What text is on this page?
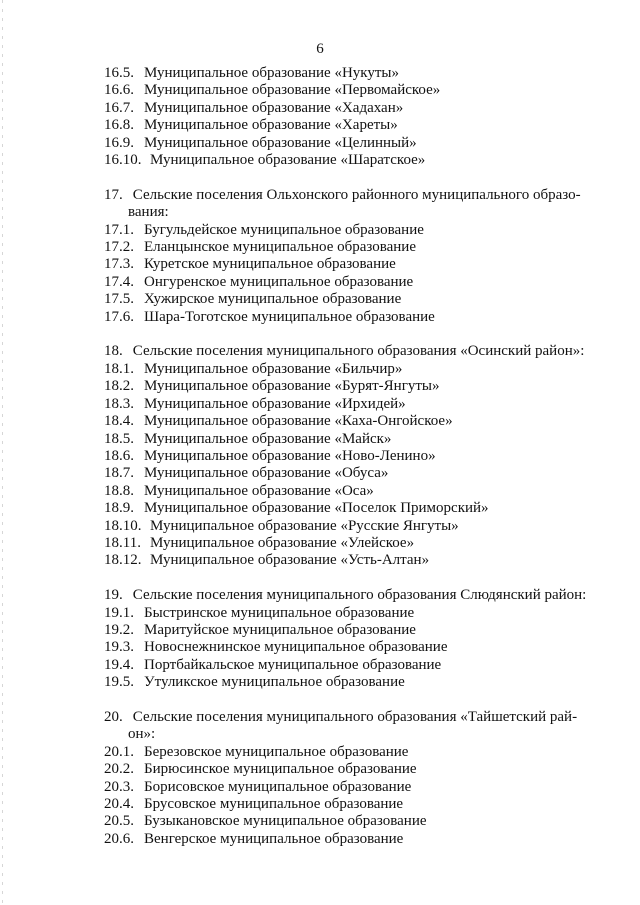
6
16.5. Муниципальное образование «Нукуты»
16.6. Муниципальное образование «Первомайское»
16.7. Муниципальное образование «Хадахан»
16.8. Муниципальное образование «Хареты»
16.9. Муниципальное образование «Целинный»
16.10. Муниципальное образование «Шаратское»
17. Сельские поселения Ольхонского районного муниципального образо-
вания:
17.1. Бугульдейское муниципальное образование
17.2. Еланцынское муниципальное образование
17.3. Куретское муниципальное образование
17.4. Онгуренское муниципальное образование
17.5. Хужирское муниципальное образование
17.6. Шара-Тоготское муниципальное образование
18. Сельские поселения муниципального образования «Осинский район»:
18.1. Муниципальное образование «Бильчир»
18.2. Муниципальное образование «Бурят-Янгуты»
18.3. Муниципальное образование «Ирхидей»
18.4. Муниципальное образование «Каха-Онгойское»
18.5. Муниципальное образование «Майск»
18.6. Муниципальное образование «Ново-Ленино»
18.7. Муниципальное образование «Обуса»
18.8. Муниципальное образование «Оса»
18.9. Муниципальное образование «Поселок Приморский»
18.10. Муниципальное образование «Русские Янгуты»
18.11. Муниципальное образование «Улейское»
18.12. Муниципальное образование «Усть-Алтан»
19. Сельские поселения муниципального образования Слюдянский район:
19.1. Быстринское муниципальное образование
19.2. Маритуйское муниципальное образование
19.3. Новоснежнинское муниципальное образование
19.4. Портбайкальское муниципальное образование
19.5. Утуликское муниципальное образование
20. Сельские поселения муниципального образования «Тайшетский рай-
он»:
20.1. Березовское муниципальное образование
20.2. Бирюсинское муниципальное образование
20.3. Борисовское муниципальное образование
20.4. Брусовское муниципальное образование
20.5. Бузыкановское муниципальное образование
20.6. Венгерское муниципальное образование
